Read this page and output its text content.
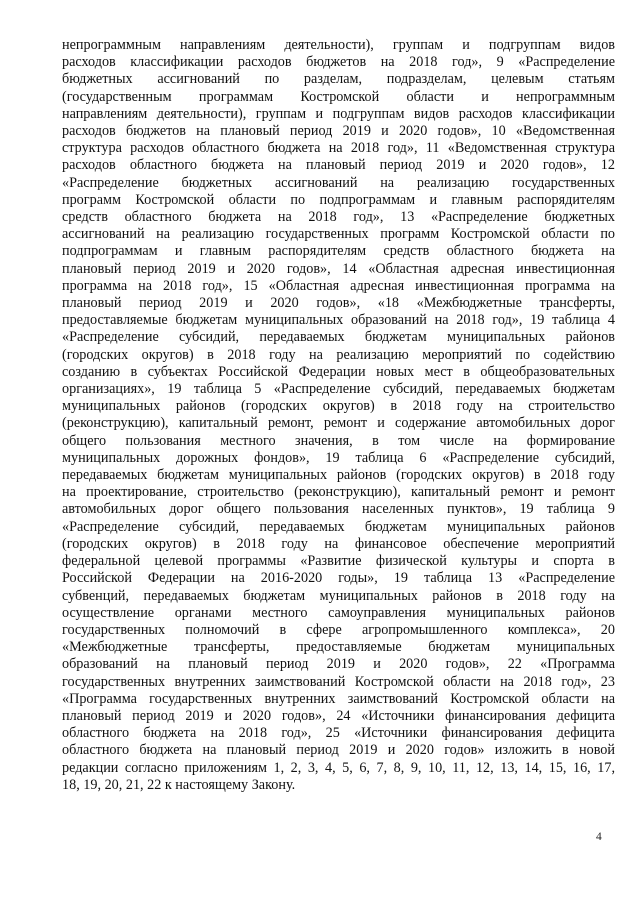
непрограммным направлениям деятельности), группам и подгруппам видов
расходов классификации расходов бюджетов на 2018 год», 9 «Распределение
бюджетных ассигнований по разделам, подразделам, целевым статьям
(государственным программам Костромской области и непрограммным
направлениям деятельности), группам и подгруппам видов расходов классификации
расходов бюджетов на плановый период 2019 и 2020 годов», 10 «Ведомственная
структура расходов областного бюджета на 2018 год», 11 «Ведомственная структура
расходов областного бюджета на плановый период 2019 и 2020 годов», 12
«Распределение бюджетных ассигнований на реализацию государственных
программ Костромской области по подпрограммам и главным распорядителям
средств областного бюджета на 2018 год», 13 «Распределение бюджетных
ассигнований на реализацию государственных программ Костромской области по
подпрограммам и главным распорядителям средств областного бюджета на
плановый период 2019 и 2020 годов», 14 «Областная адресная инвестиционная
программа на 2018 год», 15 «Областная адресная инвестиционная программа на
плановый период 2019 и 2020 годов», «18 «Межбюджетные трансферты,
предоставляемые бюджетам муниципальных образований на 2018 год», 19 таблица 4
«Распределение субсидий, передаваемых бюджетам муниципальных районов
(городских округов) в 2018 году на реализацию мероприятий по содействию
созданию в субъектах Российской Федерации новых мест в общеобразовательных
организациях», 19 таблица 5 «Распределение субсидий, передаваемых бюджетам
муниципальных районов (городских округов) в 2018 году на строительство
(реконструкцию), капитальный ремонт, ремонт и содержание автомобильных дорог
общего пользования местного значения, в том числе на формирование
муниципальных дорожных фондов», 19 таблица 6 «Распределение субсидий,
передаваемых бюджетам муниципальных районов (городских округов) в 2018 году
на проектирование, строительство (реконструкцию), капитальный ремонт и ремонт
автомобильных дорог общего пользования населенных пунктов», 19 таблица 9
«Распределение субсидий, передаваемых бюджетам муниципальных районов
(городских округов) в 2018 году на финансовое обеспечение мероприятий
федеральной целевой программы «Развитие физической культуры и спорта в
Российской Федерации на 2016-2020 годы», 19 таблица 13 «Распределение
субвенций, передаваемых бюджетам муниципальных районов в 2018 году на
осуществление органами местного самоуправления муниципальных районов
государственных полномочий в сфере агропромышленного комплекса», 20
«Межбюджетные трансферты, предоставляемые бюджетам муниципальных
образований на плановый период 2019 и 2020 годов», 22 «Программа
государственных внутренних заимствований Костромской области на 2018 год», 23
«Программа государственных внутренних заимствований Костромской области на
плановый период 2019 и 2020 годов», 24 «Источники финансирования дефицита
областного бюджета на 2018 год», 25 «Источники финансирования дефицита
областного бюджета на плановый период 2019 и 2020 годов» изложить в новой
редакции согласно приложениям 1, 2, 3, 4, 5, 6, 7, 8, 9, 10, 11, 12, 13, 14, 15, 16, 17,
18, 19, 20, 21, 22 к настоящему Закону.

4
